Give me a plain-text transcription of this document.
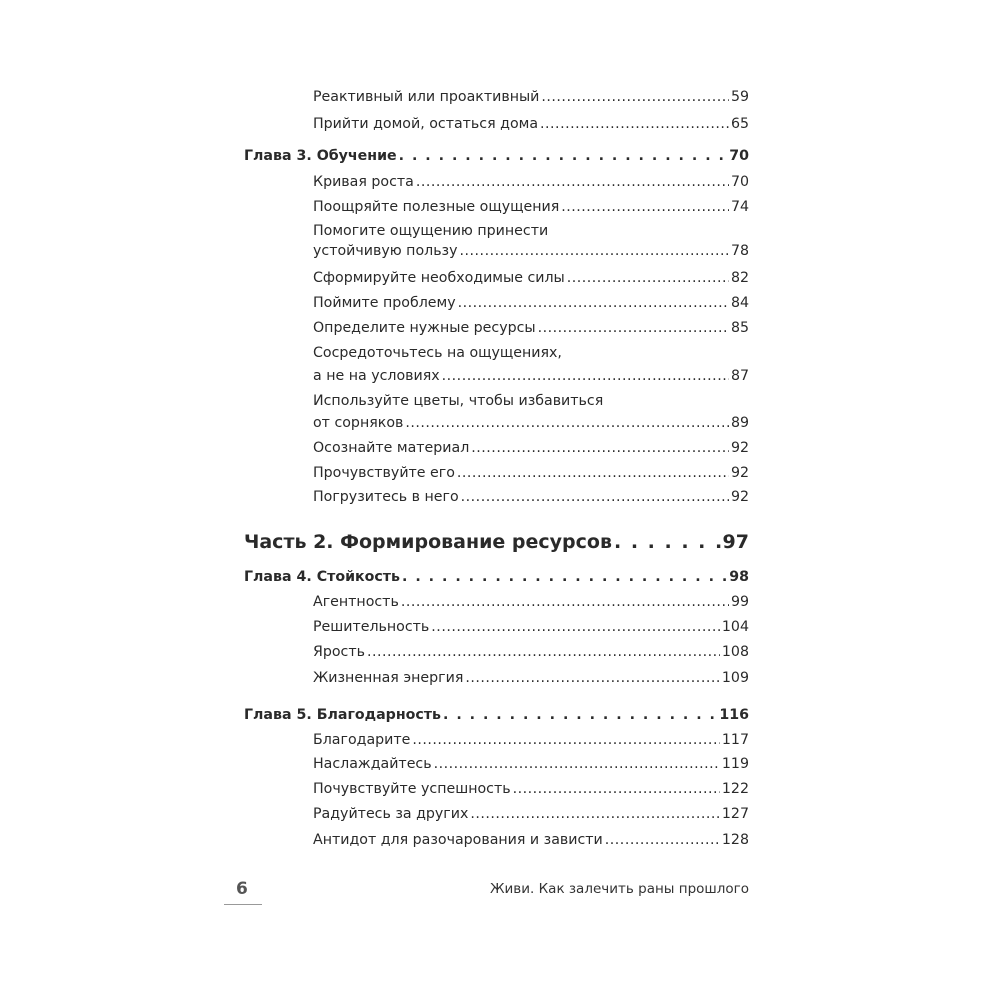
Реактивный или проактивный .....	59
Прийти домой, остаться дома .....	65
Глава 3. Обучение . . .	70
Кривая роста .....	70
Поощряйте полезные ощущения .....	74
Помогите ощущению принести
устойчивую пользу .....	78
Сформируйте необходимые силы .....	82
Поймите проблему .....	84
Определите нужные ресурсы .....	85
Сосредоточьтесь на ощущениях,
а не на условиях .....	87
Используйте цветы, чтобы избавиться
от сорняков .....	89
Осознайте материал .....	92
Прочувствуйте его .....	92
Погрузитесь в него .....	92
Часть 2. Формирование ресурсов . . .	97
Глава 4. Стойкость . . .	98
Агентность .....	99
Решительность .....	104
Ярость .....	108
Жизненная энергия .....	109
Глава 5. Благодарность . . .	116
Благодарите .....	117
Наслаждайтесь .....	119
Почувствуйте успешность .....	122
Радуйтесь за других .....	127
Антидот для разочарования и зависти .....	128
6	Живи. Как залечить раны прошлого
